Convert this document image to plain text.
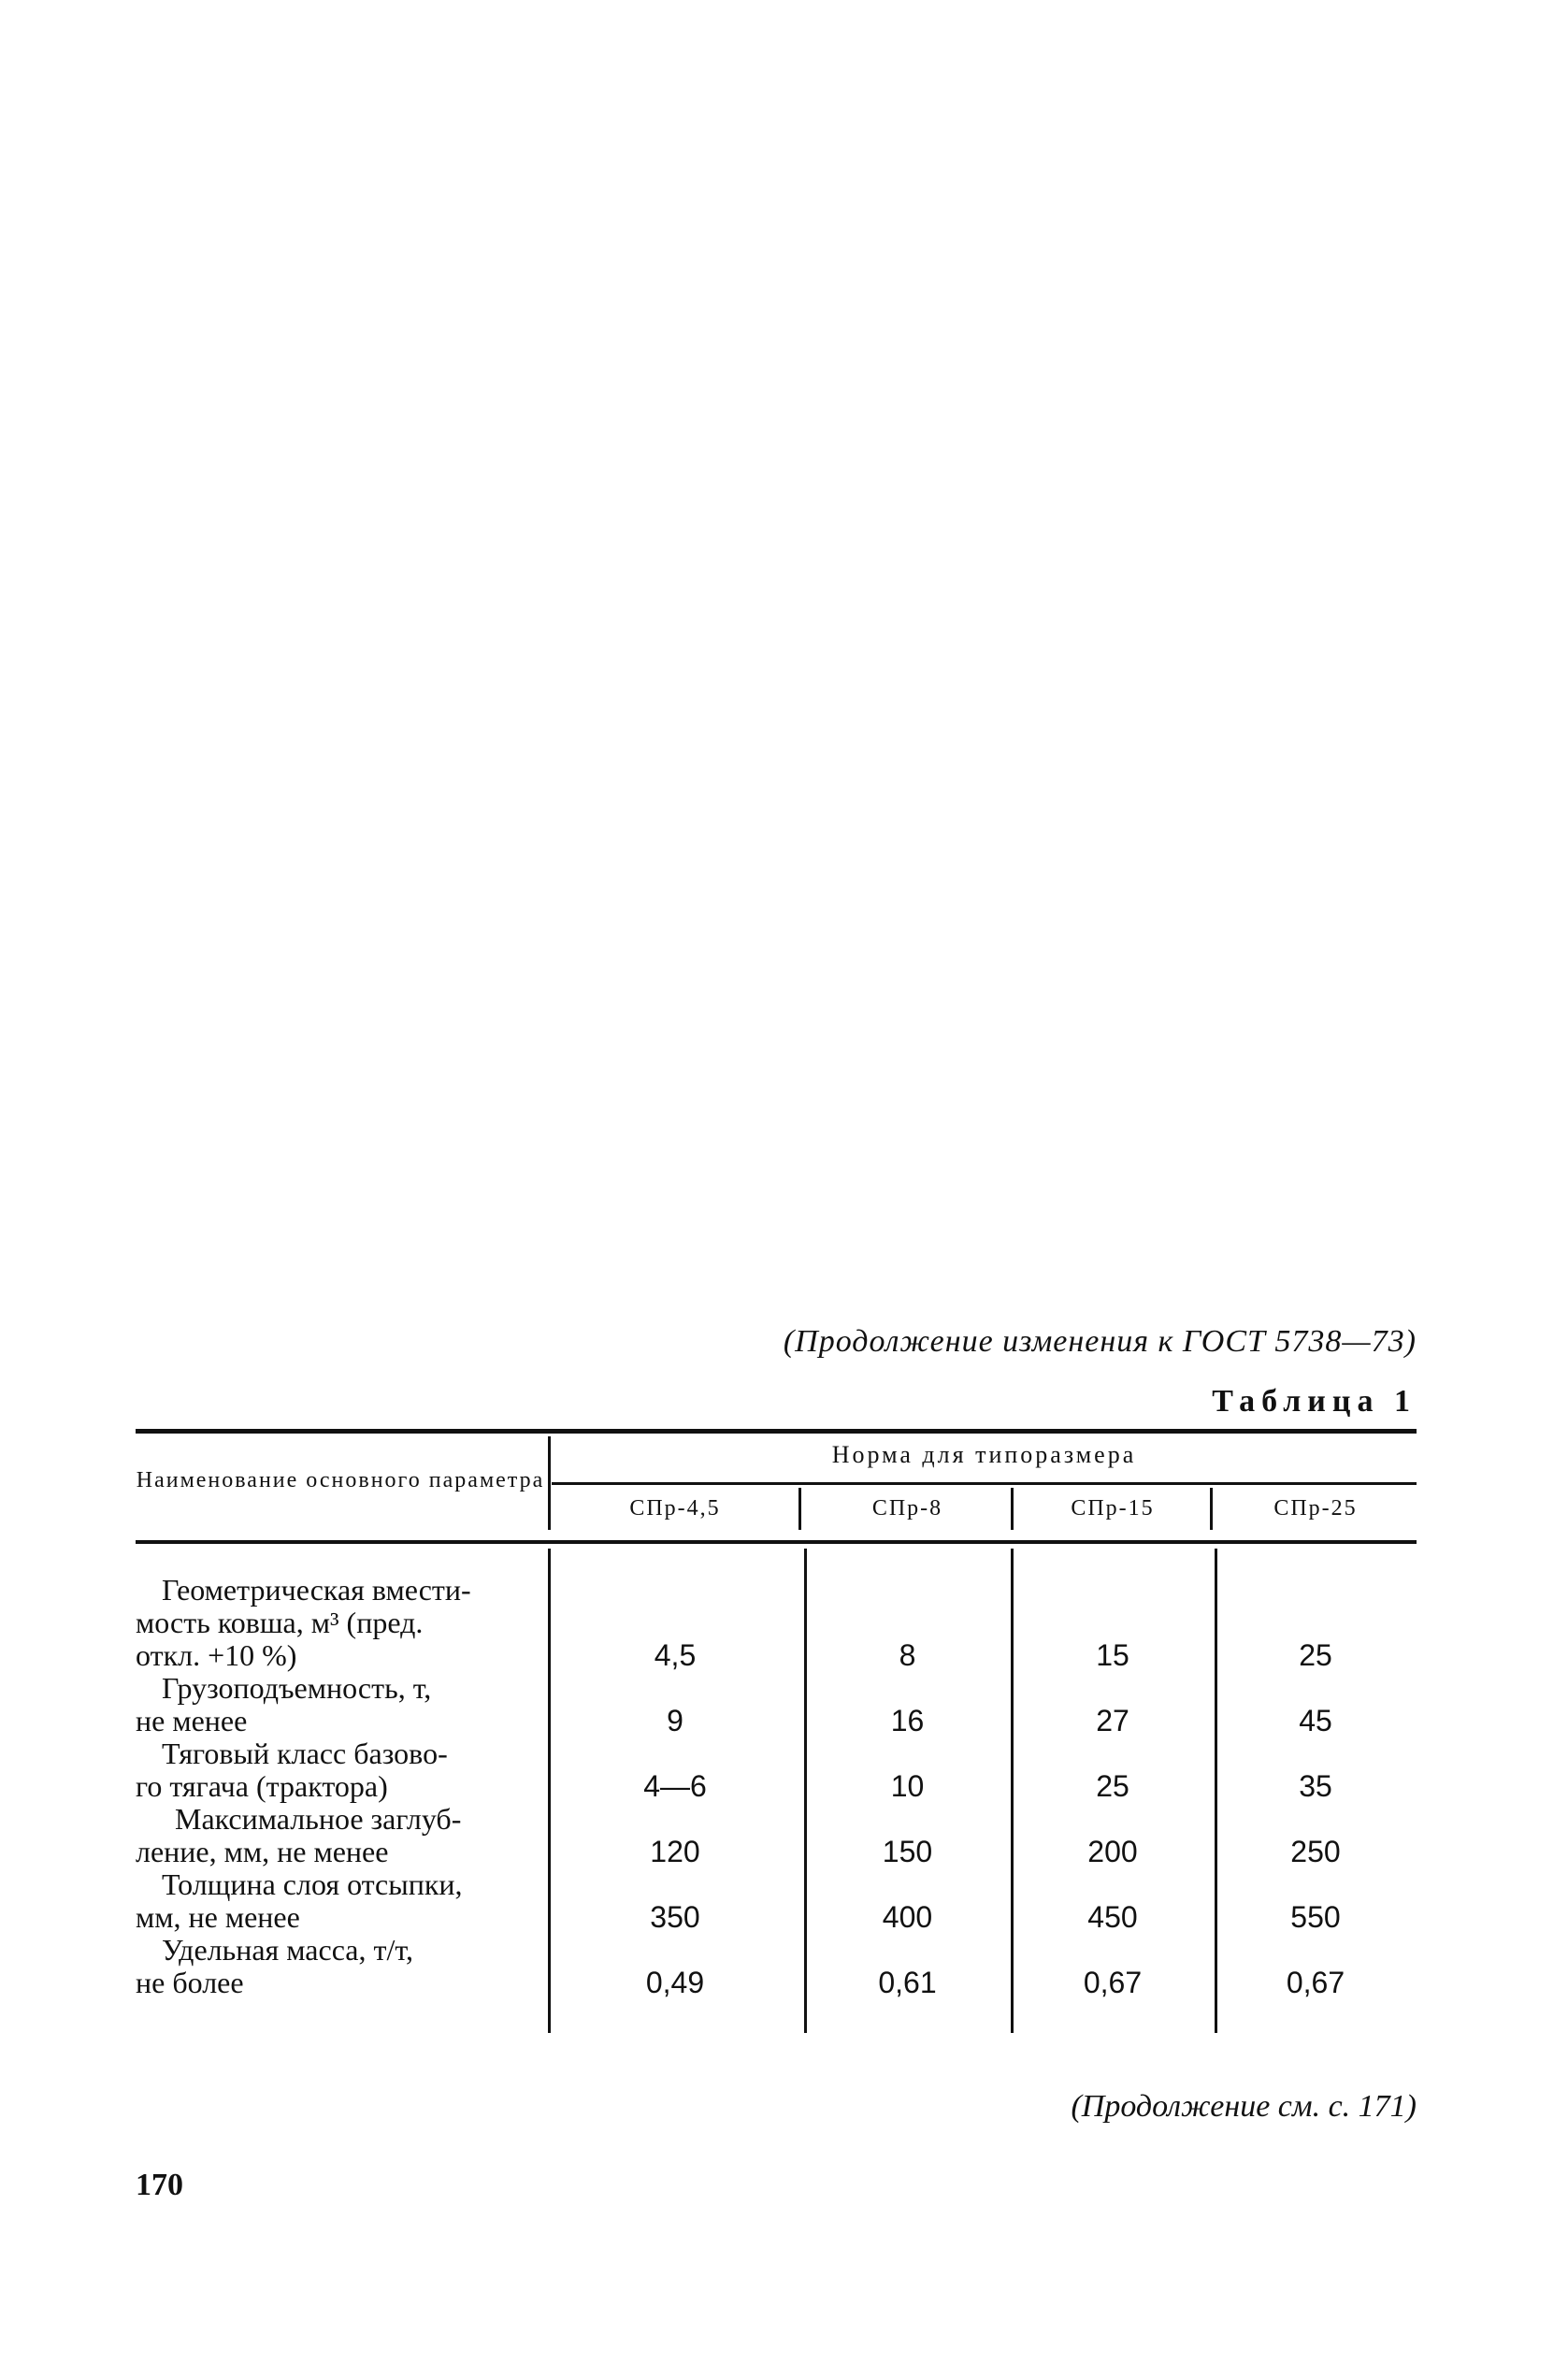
(Продолжение изменения к ГОСТ 5738—73)
Таблица 1
Наименование основного параметра
Норма для типоразмера
СПр-4,5	СПр-8	СПр-15	СПр-25
Геометрическая вмести-
мость ковша, м³ (пред.
откл. +10 %)	4,5	8	15	25
Грузоподъемность, т,
не менее	9	16	27	45
Тяговый класс базово-
го тягача (трактора)	4—6	10	25	35
Максимальное заглуб-
ление, мм, не менее	120	150	200	250
Толщина слоя отсыпки,
мм, не менее	350	400	450	550
Удельная масса, т/т,
не более	0,49	0,61	0,67	0,67
(Продолжение см. с. 171)
170
